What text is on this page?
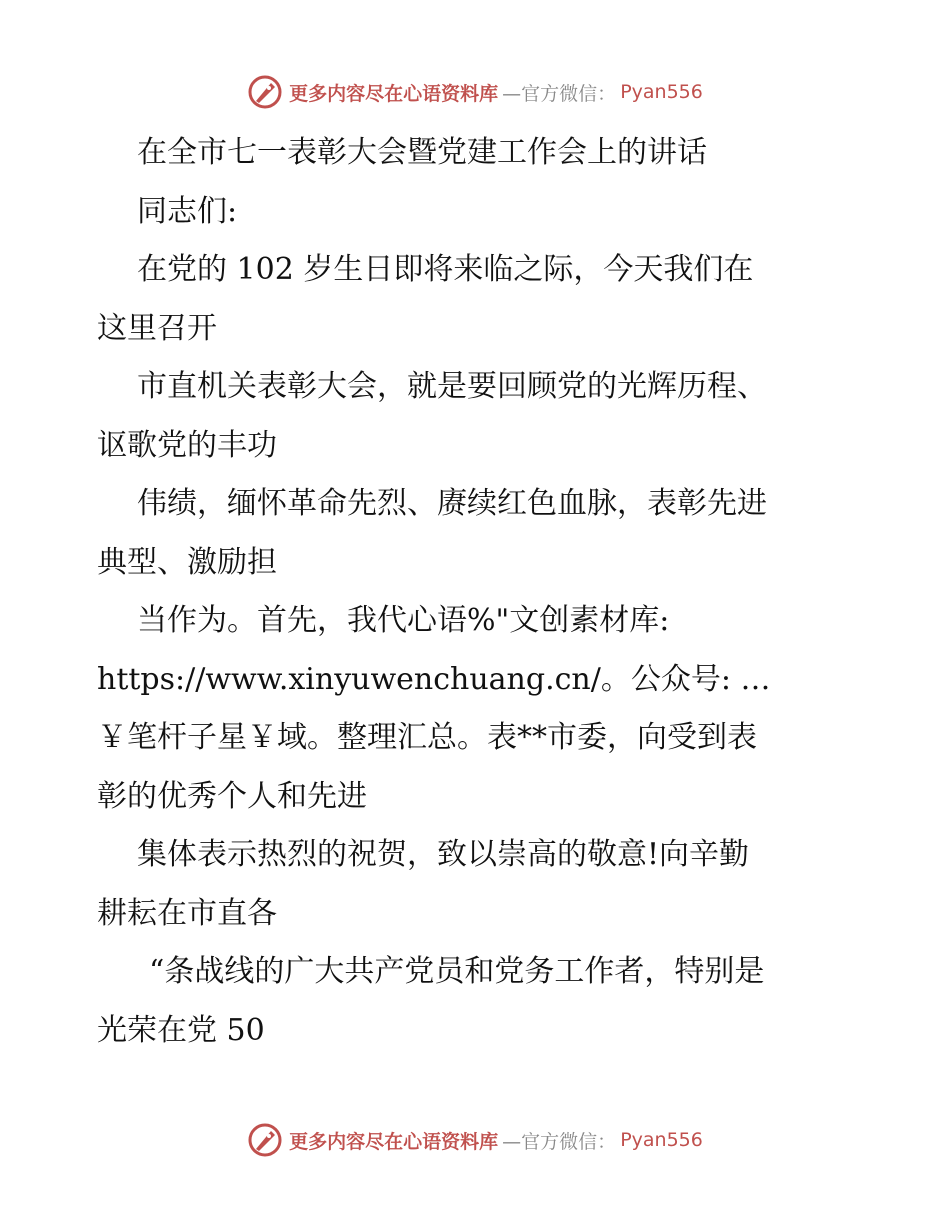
更多内容尽在心语资料库 —官方微信： Pyan556
在全市七一表彰大会暨党建工作会上的讲话
同志们:
在党的 102 岁生日即将来临之际，今天我们在
这里召开
市直机关表彰大会，就是要回顾党的光辉历程、
讴歌党的丰功
伟绩，缅怀革命先烈、赓续红色血脉，表彰先进
典型、激励担
当作为。首先，我代心语%"文创素材库:
https://www.xinyuwenchuang.cn/。公众号: …
￥笔杆子星￥域。整理汇总。表**市委，向受到表
彰的优秀个人和先进
集体表示热烈的祝贺，致以崇高的敬意!向辛勤
耕耘在市直各
“条战线的广大共产党员和党务工作者，特别是
光荣在党 50
更多内容尽在心语资料库 —官方微信： Pyan556
